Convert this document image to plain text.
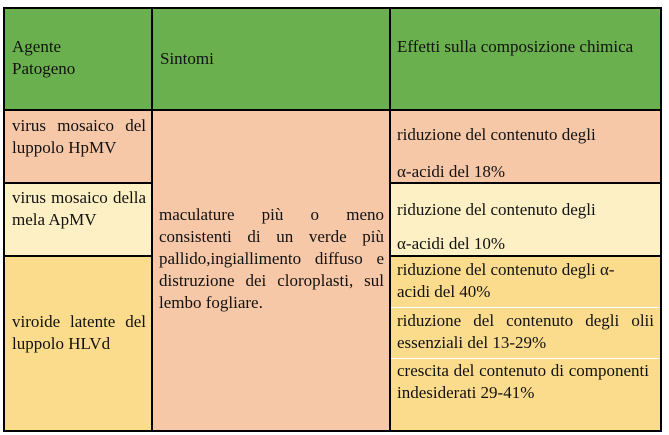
Agente Patogeno
Sintomi
Effetti sulla composizione chimica
virus mosaico del luppolo HpMV
riduzione del contenuto degli
α-acidi del 18%
maculature più o meno consistenti di un verde più pallido,ingiallimento diffuso e distruzione dei cloroplasti, sul lembo fogliare.
virus mosaico della mela ApMV
riduzione del contenuto degli
α-acidi del 10%
viroide latente del luppolo HLVd
riduzione del contenuto degli α-acidi del 40%
riduzione del contenuto degli olii essenziali del 13-29%
crescita del contenuto di componenti indesiderati 29-41%
